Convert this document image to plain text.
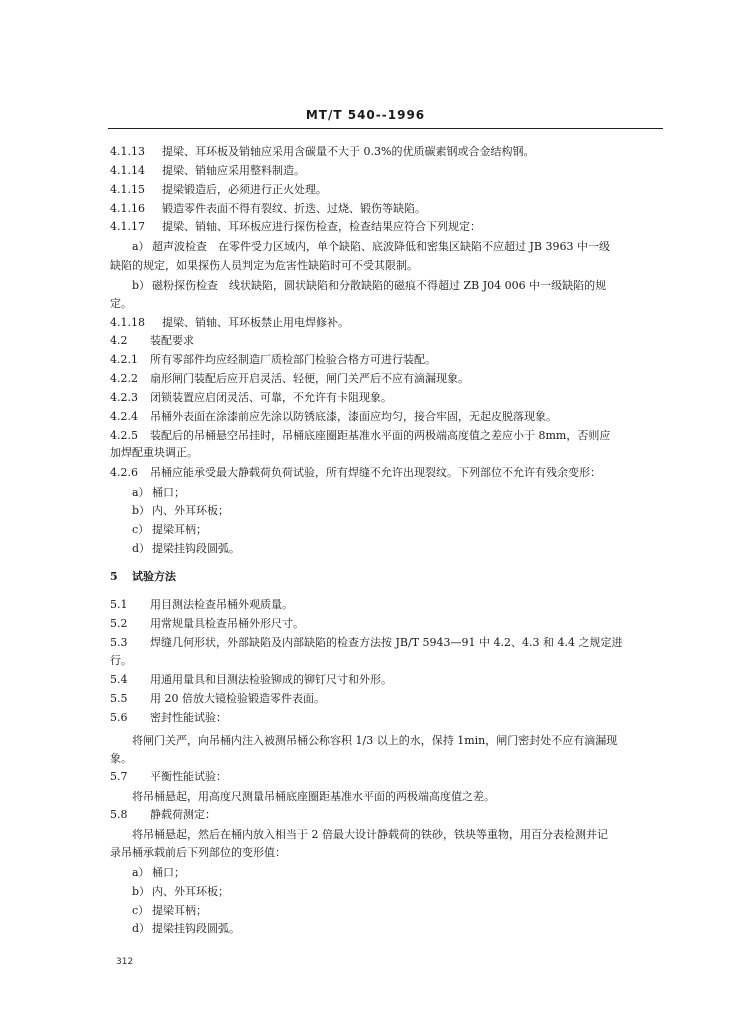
MT/T 540--1996
4.1.13 提梁、耳环板及销轴应采用含碳量不大于 0.3%的优质碳素钢或合金结构钢。
4.1.14 提梁、销轴应采用整料制造。
4.1.15 提梁锻造后，必须进行正火处理。
4.1.16 锻造零件表面不得有裂纹、折迭、过烧、锻伤等缺陷。
4.1.17 提梁、销轴、耳环板应进行探伤检查，检查结果应符合下列规定：
a） 超声波检查　在零件受力区域内，单个缺陷、底波降低和密集区缺陷不应超过 JB 3963 中一级
缺陷的规定，如果探伤人员判定为危害性缺陷时可不受其限制。
b） 磁粉探伤检查　线状缺陷，圆状缺陷和分散缺陷的磁痕不得超过 ZB J04 006 中一级缺陷的规
定。
4.1.18 提梁、销轴、耳环板禁止用电焊修补。
4.2 装配要求
4.2.1 所有零部件均应经制造厂质检部门检验合格方可进行装配。
4.2.2 扇形闸门装配后应开启灵活、轻便，闸门关严后不应有滴漏现象。
4.2.3 闭锁装置应启闭灵活、可靠，不允许有卡阻现象。
4.2.4 吊桶外表面在涂漆前应先涂以防锈底漆，漆面应均匀，接合牢固，无起皮脱落现象。
4.2.5 装配后的吊桶悬空吊挂时，吊桶底座圈距基准水平面的两极端高度值之差应小于 8mm，否则应
加焊配重块调正。
4.2.6 吊桶应能承受最大静载荷负荷试验，所有焊缝不允许出现裂纹。下列部位不允许有残余变形：
a） 桶口；
b） 内、外耳环板；
c） 提梁耳柄；
d） 提梁挂钩段圆弧。
5 试验方法
5.1 用目测法检查吊桶外观质量。
5.2 用常规量具检查吊桶外形尺寸。
5.3 焊缝几何形状，外部缺陷及内部缺陷的检查方法按 JB/T 5943—91 中 4.2、4.3 和 4.4 之规定进
行。
5.4 用通用量具和目测法检验铆成的铆钉尺寸和外形。
5.5 用 20 倍放大镜检验锻造零件表面。
5.6 密封性能试验：
将闸门关严，向吊桶内注入被测吊桶公称容积 1/3 以上的水，保持 1min，闸门密封处不应有滴漏现
象。
5.7 平衡性能试验：
将吊桶悬起，用高度尺测量吊桶底座圈距基准水平面的两极端高度值之差。
5.8 静载荷测定：
将吊桶悬起，然后在桶内放入相当于 2 倍最大设计静载荷的铁砂，铁块等重物，用百分表检测并记
录吊桶承载前后下列部位的变形值：
a） 桶口；
b） 内、外耳环板；
c） 提梁耳柄；
d） 提梁挂钩段圆弧。
312
